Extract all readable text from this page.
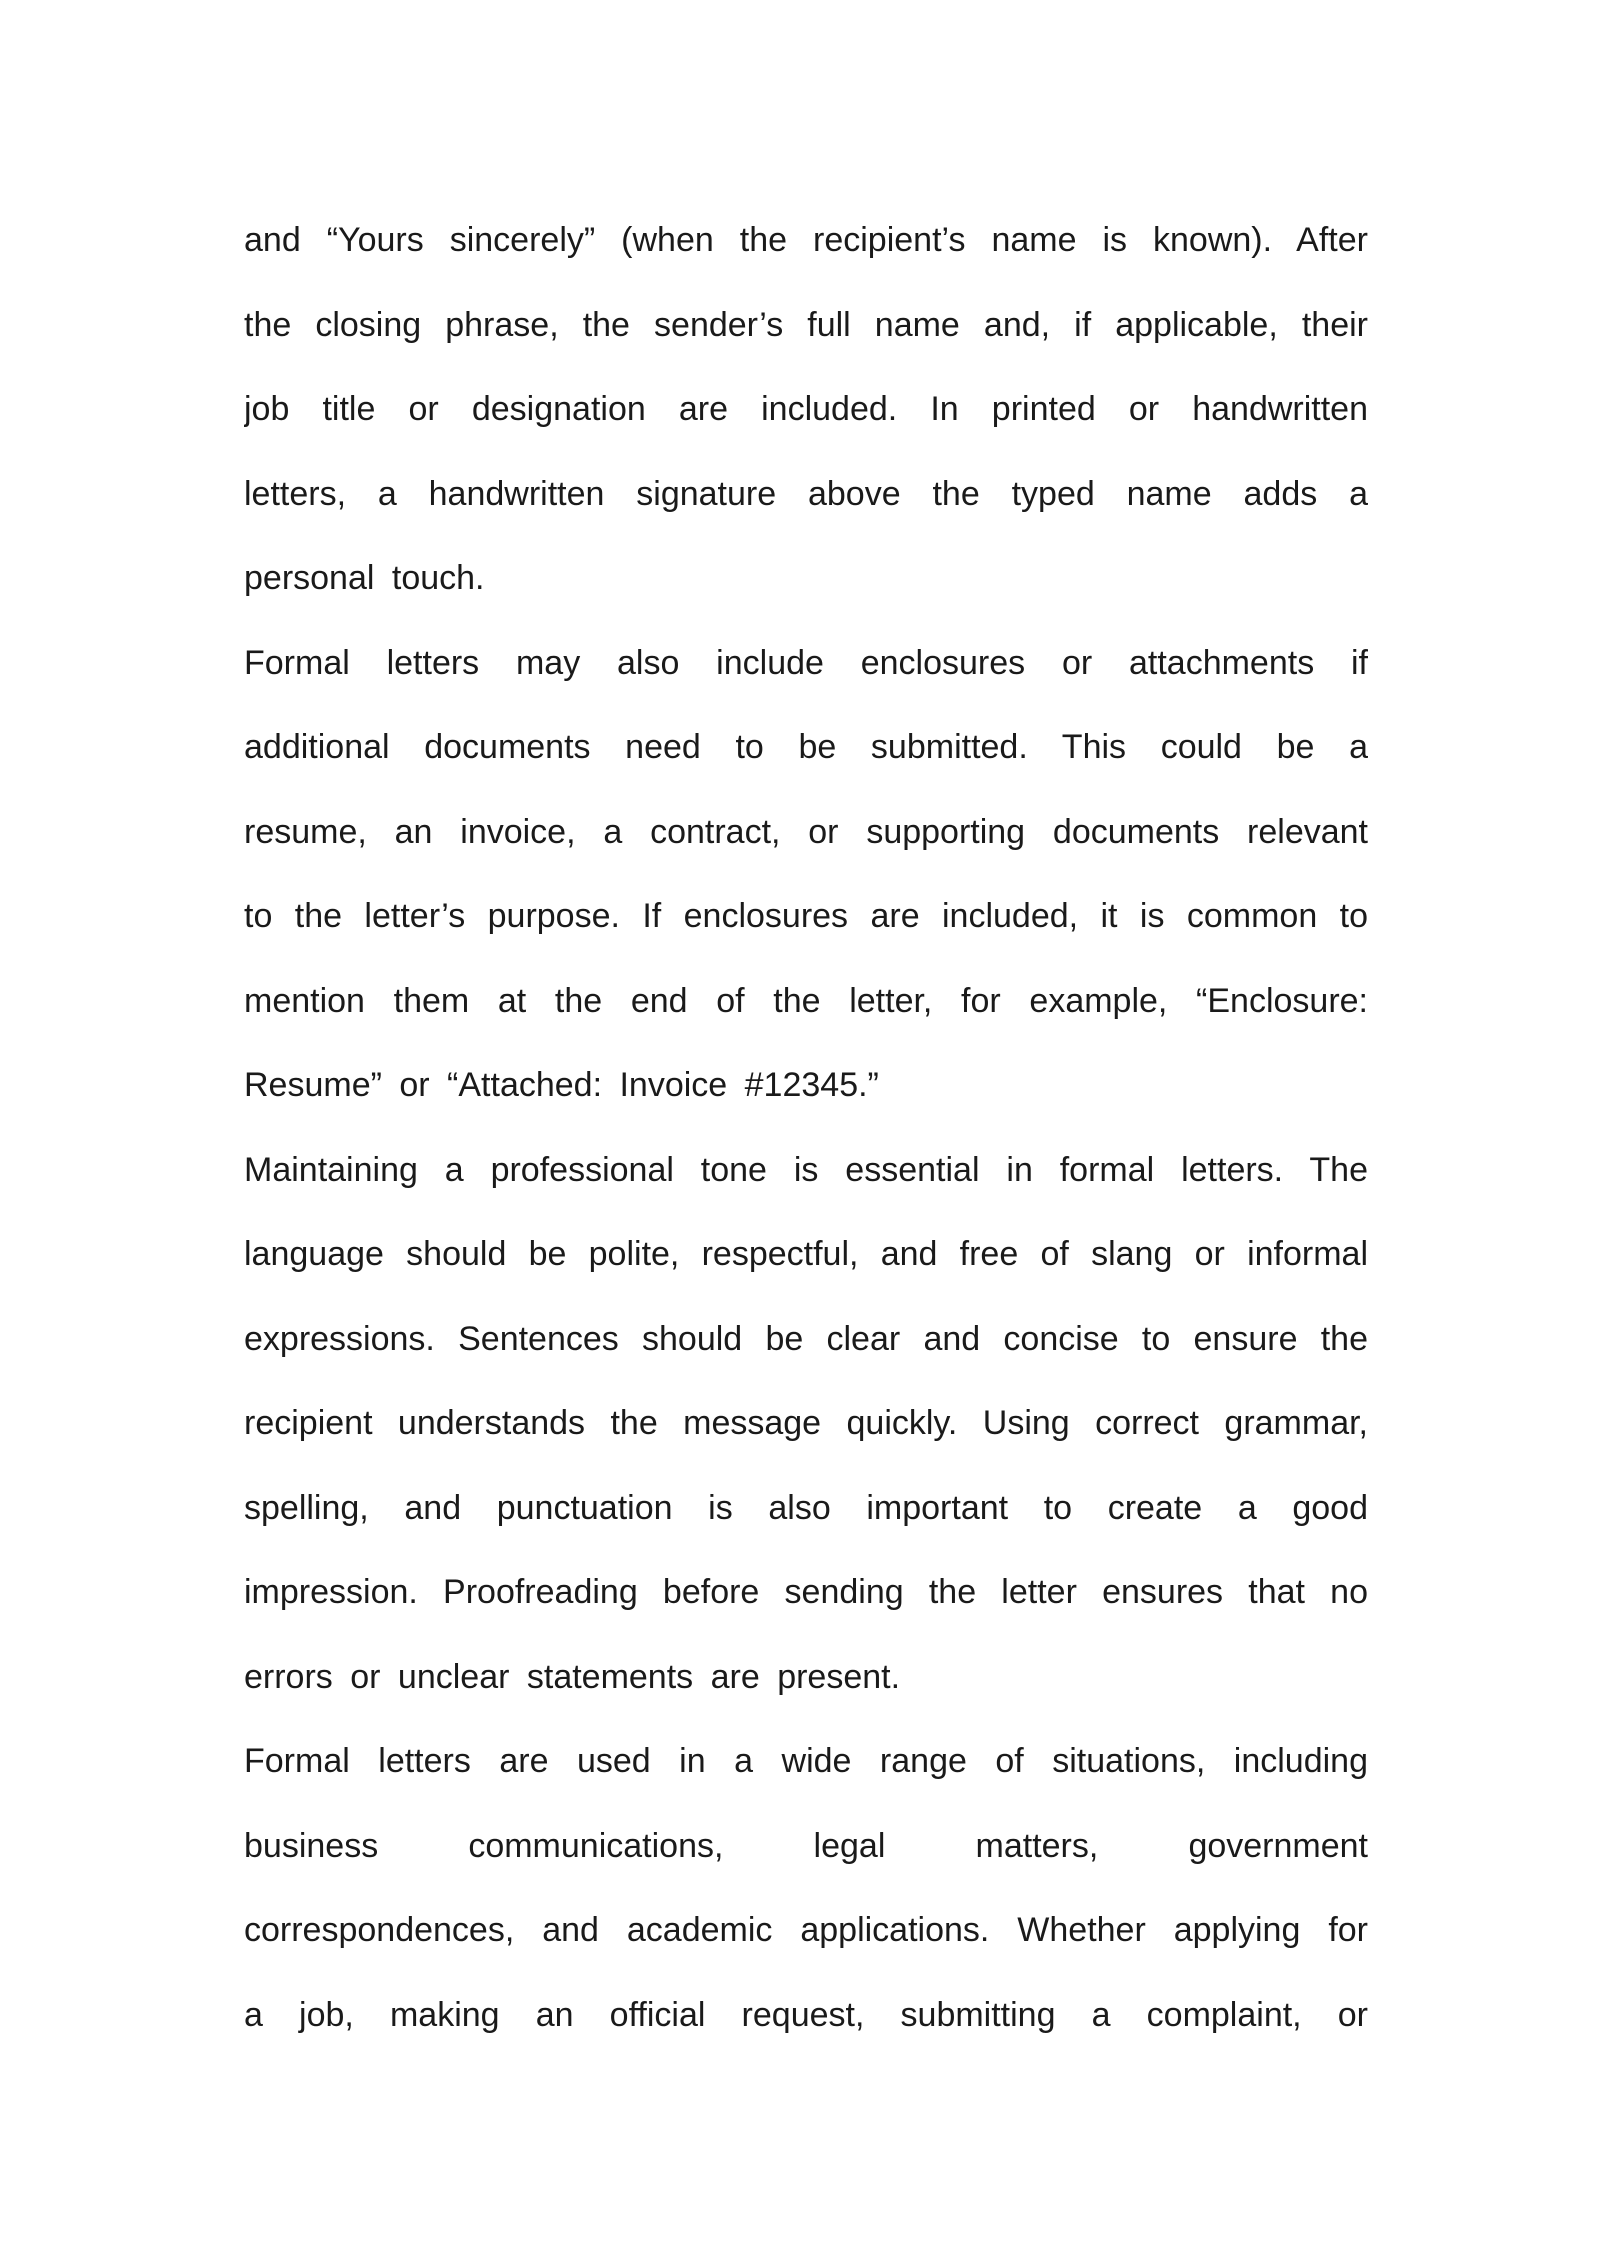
and “Yours sincerely” (when the recipient’s name is known). After
the closing phrase, the sender’s full name and, if applicable, their
job title or designation are included. In printed or handwritten
letters, a handwritten signature above the typed name adds a
personal touch.
Formal letters may also include enclosures or attachments if
additional documents need to be submitted. This could be a
resume, an invoice, a contract, or supporting documents relevant
to the letter’s purpose. If enclosures are included, it is common to
mention them at the end of the letter, for example, “Enclosure:
Resume” or “Attached: Invoice #12345.”
Maintaining a professional tone is essential in formal letters. The
language should be polite, respectful, and free of slang or informal
expressions. Sentences should be clear and concise to ensure the
recipient understands the message quickly. Using correct grammar,
spelling, and punctuation is also important to create a good
impression. Proofreading before sending the letter ensures that no
errors or unclear statements are present.
Formal letters are used in a wide range of situations, including
business communications, legal matters, government
correspondences, and academic applications. Whether applying for
a job, making an official request, submitting a complaint, or
